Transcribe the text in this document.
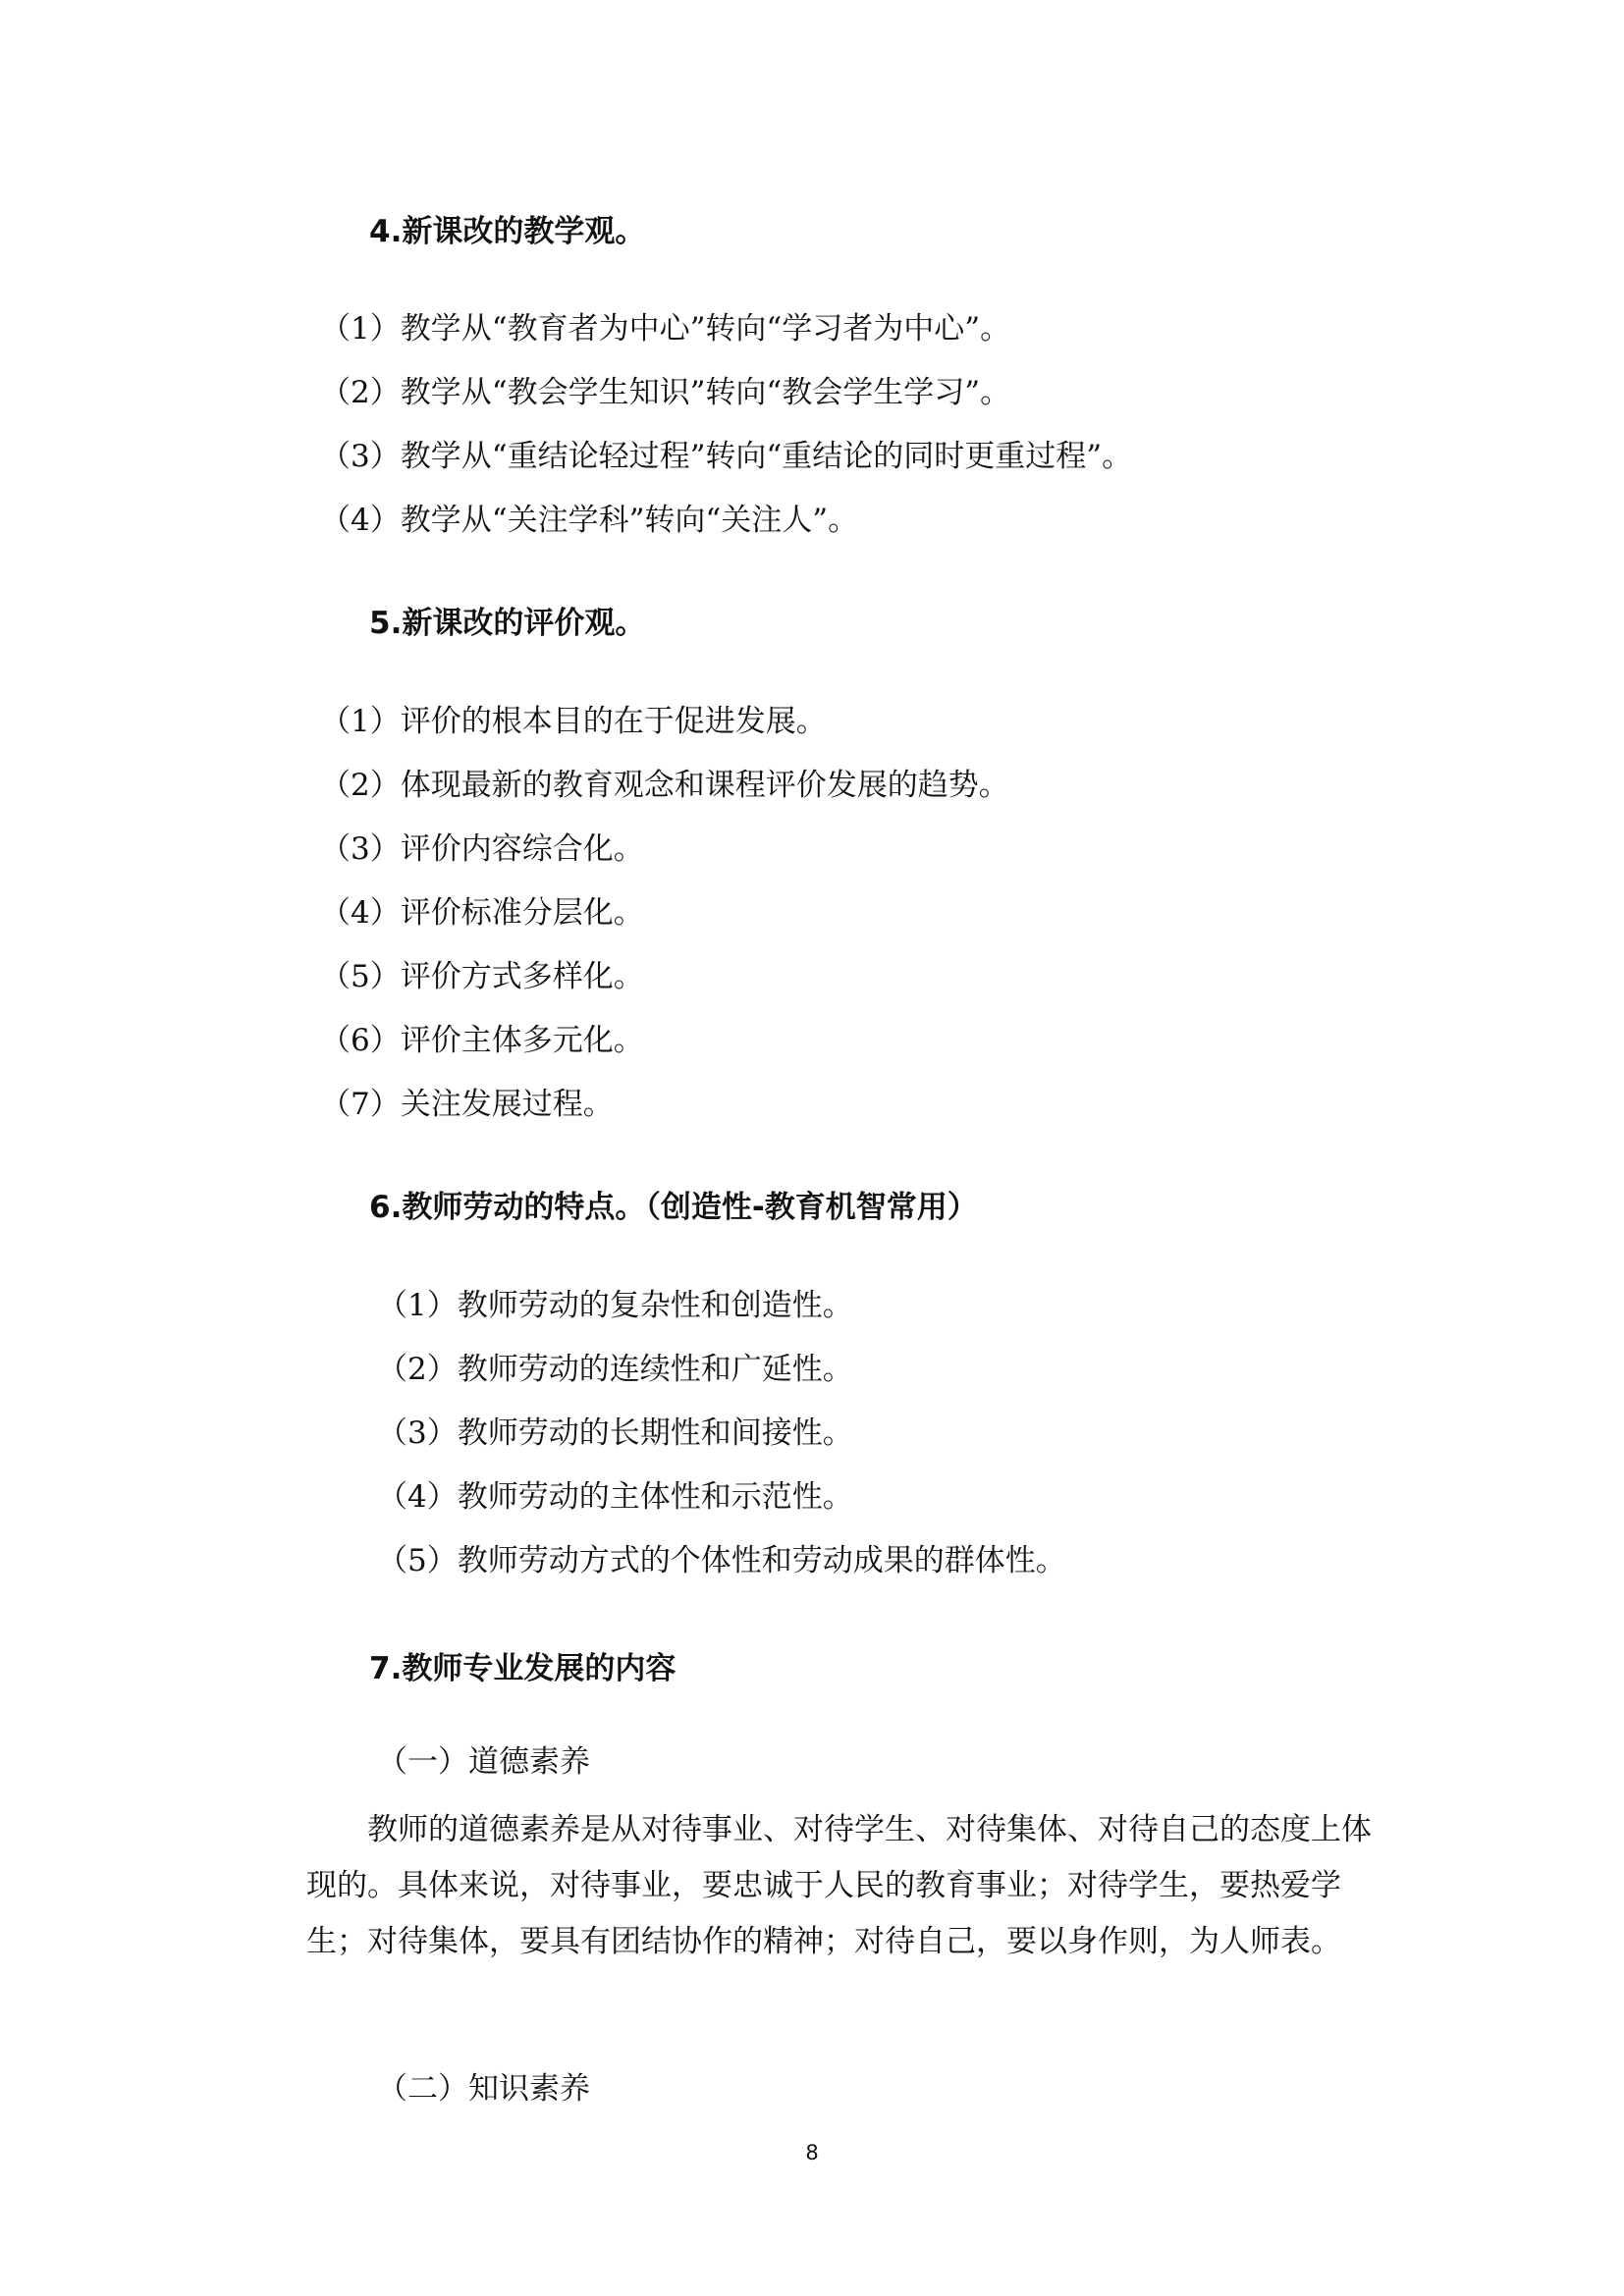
4.新课改的教学观。
（1）教学从“教育者为中心”转向“学习者为中心”。
（2）教学从“教会学生知识”转向“教会学生学习”。
（3）教学从“重结论轻过程”转向“重结论的同时更重过程”。
（4）教学从“关注学科”转向“关注人”。
5.新课改的评价观。
（1）评价的根本目的在于促进发展。
（2）体现最新的教育观念和课程评价发展的趋势。
（3）评价内容综合化。
（4）评价标准分层化。
（5）评价方式多样化。
（6）评价主体多元化。
（7）关注发展过程。
6.教师劳动的特点。（创造性-教育机智常用）
（1）教师劳动的复杂性和创造性。
（2）教师劳动的连续性和广延性。
（3）教师劳动的长期性和间接性。
（4）教师劳动的主体性和示范性。
（5）教师劳动方式的个体性和劳动成果的群体性。
7.教师专业发展的内容
（一）道德素养

教师的道德素养是从对待事业、对待学生、对待集体、对待自己的态度上体现的。具体来说，对待事业，要忠诚于人民的教育事业；对待学生，要热爱学生；对待集体，要具有团结协作的精神；对待自己，要以身作则，为人师表。

（二）知识素养
8
